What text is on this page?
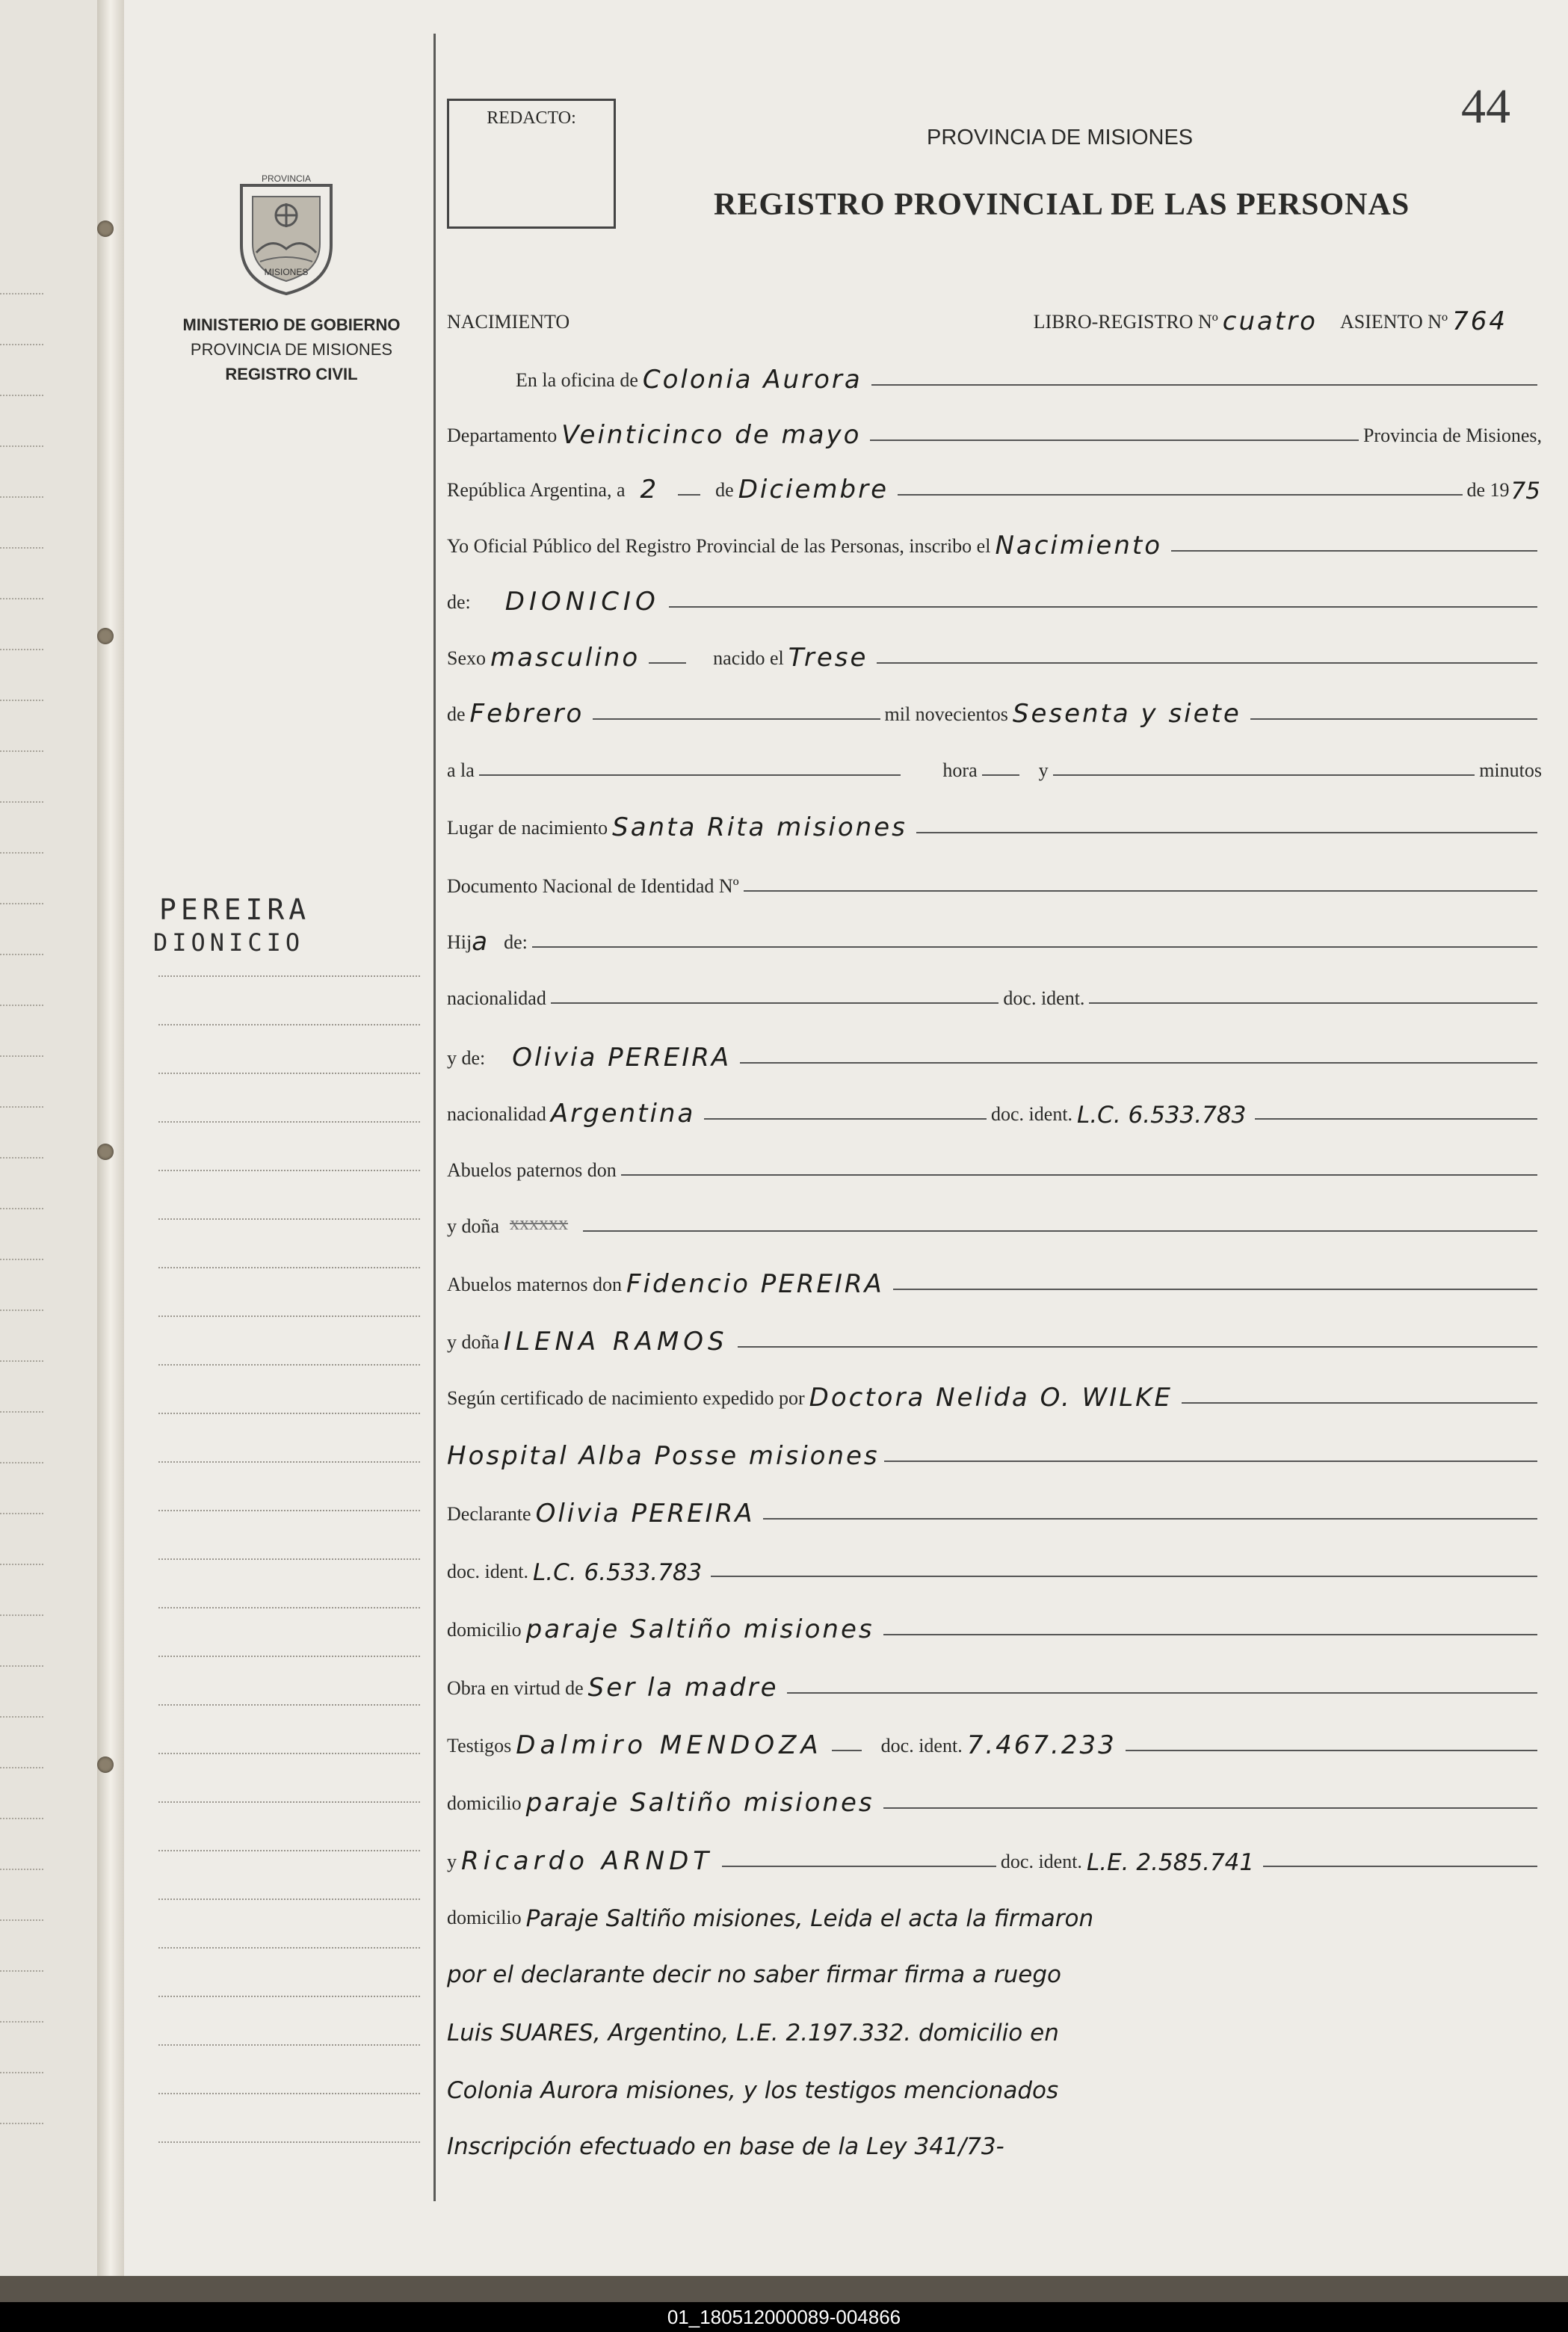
REDACTO:	44
PROVINCIA DE MISIONES
REGISTRO PROVINCIAL DE LAS PERSONAS
PROVINCIA
MISIONES
MINISTERIO DE GOBIERNO
PROVINCIA DE MISIONES
REGISTRO CIVIL
PEREIRA
DIONICIO
NACIMIENTO	LIBRO-REGISTRO Nº cuatro ASIENTO Nº 764
En la oficina de Colonia Aurora
Departamento Veinticinco de mayo	Provincia de Misiones,
República Argentina, a 2	de Diciembre	de 19 75
Yo Oficial Público del Registro Provincial de las Personas, inscribo el Nacimiento
de: DIONICIO
Sexo masculino	nacido el Trese
de Febrero	mil novecientos Sesenta y siete
a la	hora	y	minutos
Lugar de nacimiento Santa Rita misiones
Documento Nacional de Identidad Nº
Hij a de:
nacionalidad	doc. ident.
y de: Olivia PEREIRA
nacionalidad Argentina	doc. ident. L.C. 6.533.783
Abuelos paternos don
y doña xxxxxx
Abuelos maternos don Fidencio PEREIRA
y doña ILENA RAMOS
Según certificado de nacimiento expedido por Doctora Nelida O. WILKE
Hospital Alba Posse misiones
Declarante Olivia PEREIRA
doc. ident. L.C. 6.533.783
domicilio paraje Saltiño misiones
Obra en virtud de Ser la madre
Testigos Dalmiro MENDOZA	doc. ident. 7.467.233
domicilio paraje Saltiño misiones
y Ricardo ARNDT	doc. ident. L.E. 2.585.741
domicilio Paraje Saltiño misiones, Leida el acta la firmaron
por el declarante decir no saber firmar firma a ruego
Luis SUARES, Argentino, L.E. 2.197.332. domicilio en
Colonia Aurora misiones, y los testigos mencionados
Inscripción efectuado en base de la Ley 341/73-
01_180512000089-004866
